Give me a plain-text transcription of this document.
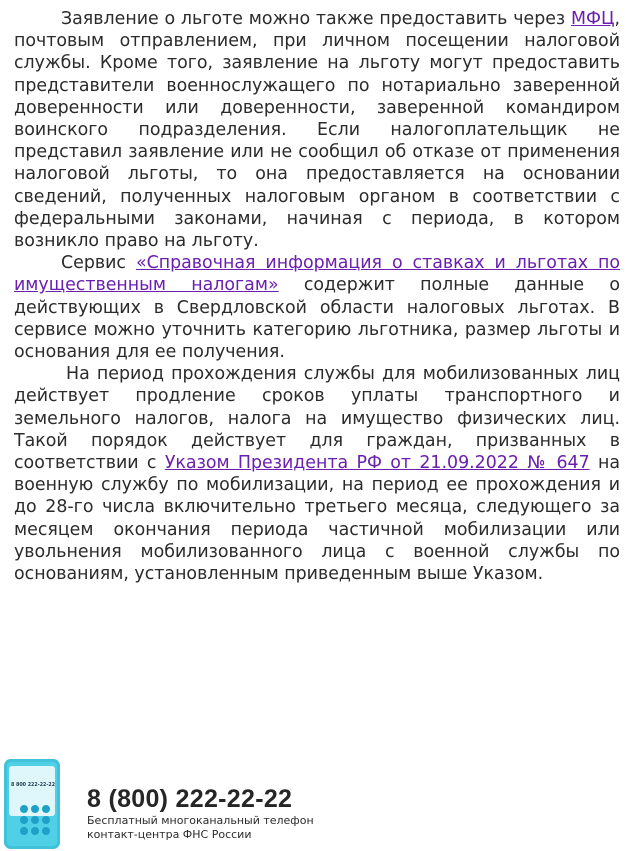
Заявление о льготе можно также предоставить через МФЦ, почтовым отправлением, при личном посещении налоговой службы. Кроме того, заявление на льготу могут предоставить представители военнослужащего по нотариально заверенной доверенности или доверенности, заверенной командиром воинского подразделения. Если налогоплательщик не представил заявление или не сообщил об отказе от применения налоговой льготы, то она предоставляется на основании сведений, полученных налоговым органом в соответствии с федеральными законами, начиная с периода, в котором возникло право на льготу.

Сервис «Справочная информация о ставках и льготах по имущественным налогам» содержит полные данные о действующих в Свердловской области налоговых льготах. В сервисе можно уточнить категорию льготника, размер льготы и основания для ее получения.

На период прохождения службы для мобилизованных лиц действует продление сроков уплаты транспортного и земельного налогов, налога на имущество физических лиц. Такой порядок действует для граждан, призванных в соответствии с Указом Президента РФ от 21.09.2022 № 647 на военную службу по мобилизации, на период ее прохождения и до 28-го числа включительно третьего месяца, следующего за месяцем окончания периода частичной мобилизации или увольнения мобилизованного лица с военной службы по основаниям, установленным приведенным выше Указом.

8 800 222-22-22 8 (800) 222-22-22
Бесплатный многоканальный телефон
контакт-центра ФНС России
